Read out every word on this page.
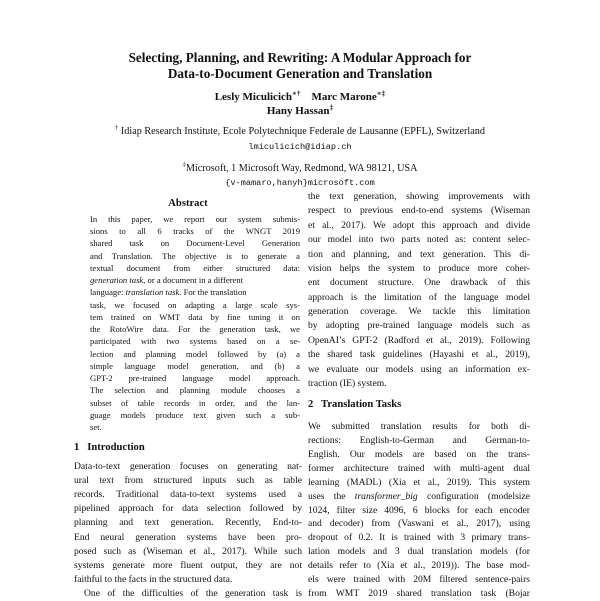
Selecting, Planning, and Rewriting: A Modular Approach for
Data-to-Document Generation and Translation
Lesly Miculicich∗† Marc Marone∗‡
Hany Hassan‡
† Idiap Research Institute, Ecole Polytechnique Federale de Lausanne (EPFL), Switzerland
lmiculicich@idiap.ch
‡Microsoft, 1 Microsoft Way, Redmond, WA 98121, USA
{v-mamaro,hanyh}microsoft.com
Abstract
In this paper, we report our system submis-
sions to all 6 tracks of the WNGT 2019
shared task on Document-Level Generation
and Translation. The objective is to generate a
textual document from either structured data:
generation task, or a document in a different
language: translation task. For the translation
task, we focused on adapting a large scale sys-
tem trained on WMT data by fine tuning it on
the RotoWire data. For the generation task, we
participated with two systems based on a se-
lection and planning model followed by (a) a
simple language model generation, and (b) a
GPT-2 pre-trained language model approach.
The selection and planning module chooses a
subset of table records in order, and the lan-
guage models produce text given such a sub-
set.
1   Introduction
Data-to-text generation focuses on generating nat-
ural text from structured inputs such as table
records. Traditional data-to-text systems used a
pipelined approach for data selection followed by
planning and text generation. Recently, End-to-
End neural generation systems have been pro-
posed such as (Wiseman et al., 2017). While such
systems generate more fluent output, they are not
faithful to the facts in the structured data.
One of the difficulties of the generation task is
the text generation, showing improvements with
respect to previous end-to-end systems (Wiseman
et al., 2017). We adopt this approach and divide
our model into two parts noted as: content selec-
tion and planning, and text generation. This di-
vision helps the system to produce more coher-
ent document structure. One drawback of this
approach is the limitation of the language model
generation coverage. We tackle this limitation
by adopting pre-trained language models such as
OpenAI’s GPT-2 (Radford et al., 2019). Following
the shared task guidelines (Hayashi et al., 2019),
we evaluate our models using an information ex-
traction (IE) system.
2   Translation Tasks
We submitted translation results for both di-
rections: English-to-German and German-to-
English. Our models are based on the trans-
former architecture trained with multi-agent dual
learning (MADL) (Xia et al., 2019). This system
uses the transformer_big configuration (modelsize
1024, filter size 4096, 6 blocks for each encoder
and decoder) from (Vaswani et al., 2017), using
dropout of 0.2. It is trained with 3 primary trans-
lation models and 3 dual translation models (for
details refer to (Xia et al., 2019)). The base mod-
els were trained with 20M filtered sentence-pairs
from WMT 2019 shared translation task (Bojar
